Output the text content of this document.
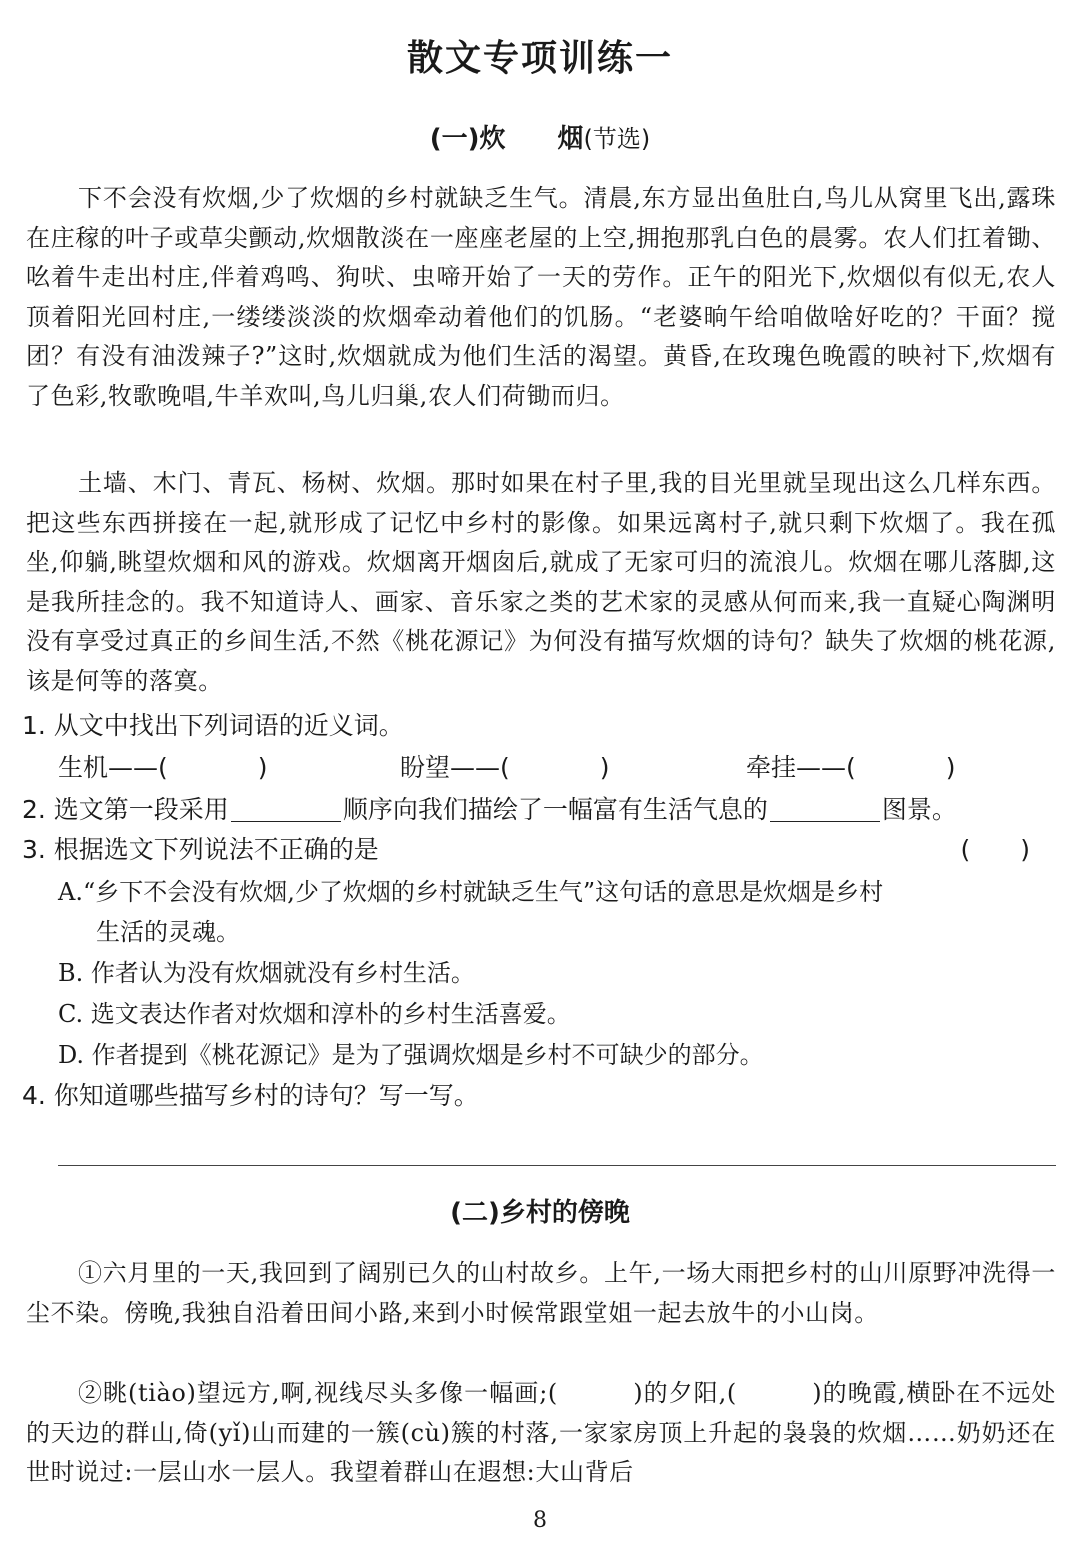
散文专项训练一
(一)炊　　烟(节选)
下不会没有炊烟,少了炊烟的乡村就缺乏生气。清晨,东方显出鱼肚白,鸟儿从窝里飞出,露珠在庄稼的叶子或草尖颤动,炊烟散淡在一座座老屋的上空,拥抱那乳白色的晨雾。农人们扛着锄、吆着牛走出村庄,伴着鸡鸣、狗吠、虫啼开始了一天的劳作。正午的阳光下,炊烟似有似无,农人顶着阳光回村庄,一缕缕淡淡的炊烟牵动着他们的饥肠。“老婆晌午给咱做啥好吃的？干面？搅团？有没有油泼辣子?”这时,炊烟就成为他们生活的渴望。黄昏,在玫瑰色晚霞的映衬下,炊烟有了色彩,牧歌晚唱,牛羊欢叫,鸟儿归巢,农人们荷锄而归。
土墙、木门、青瓦、杨树、炊烟。那时如果在村子里,我的目光里就呈现出这么几样东西。把这些东西拼接在一起,就形成了记忆中乡村的影像。如果远离村子,就只剩下炊烟了。我在孤坐,仰躺,眺望炊烟和风的游戏。炊烟离开烟囱后,就成了无家可归的流浪儿。炊烟在哪儿落脚,这是我所挂念的。我不知道诗人、画家、音乐家之类的艺术家的灵感从何而来,我一直疑心陶渊明没有享受过真正的乡间生活,不然《桃花源记》为何没有描写炊烟的诗句？缺失了炊烟的桃花源,该是何等的落寞。
1. 从文中找出下列词语的近义词。
生机——(	)	盼望——(	)	牵挂——(	)
2. 选文第一段采用	顺序向我们描绘了一幅富有生活气息的	图景。
3. 根据选文下列说法不正确的是	(　　)
A.“乡下不会没有炊烟,少了炊烟的乡村就缺乏生气”这句话的意思是炊烟是乡村
生活的灵魂。
B. 作者认为没有炊烟就没有乡村生活。
C. 选文表达作者对炊烟和淳朴的乡村生活喜爱。
D. 作者提到《桃花源记》是为了强调炊烟是乡村不可缺少的部分。
4. 你知道哪些描写乡村的诗句？写一写。
(二)乡村的傍晚
①六月里的一天,我回到了阔别已久的山村故乡。上午,一场大雨把乡村的山川原野冲洗得一尘不染。傍晚,我独自沿着田间小路,来到小时候常跟堂姐一起去放牛的小山岗。
②眺(tiào)望远方,啊,视线尽头多像一幅画;(　　　)的夕阳,(　　　)的晚霞,横卧在不远处的天边的群山,倚(yǐ)山而建的一簇(cù)簇的村落,一家家房顶上升起的袅袅的炊烟……奶奶还在世时说过:一层山水一层人。我望着群山在遐想:大山背后
8
